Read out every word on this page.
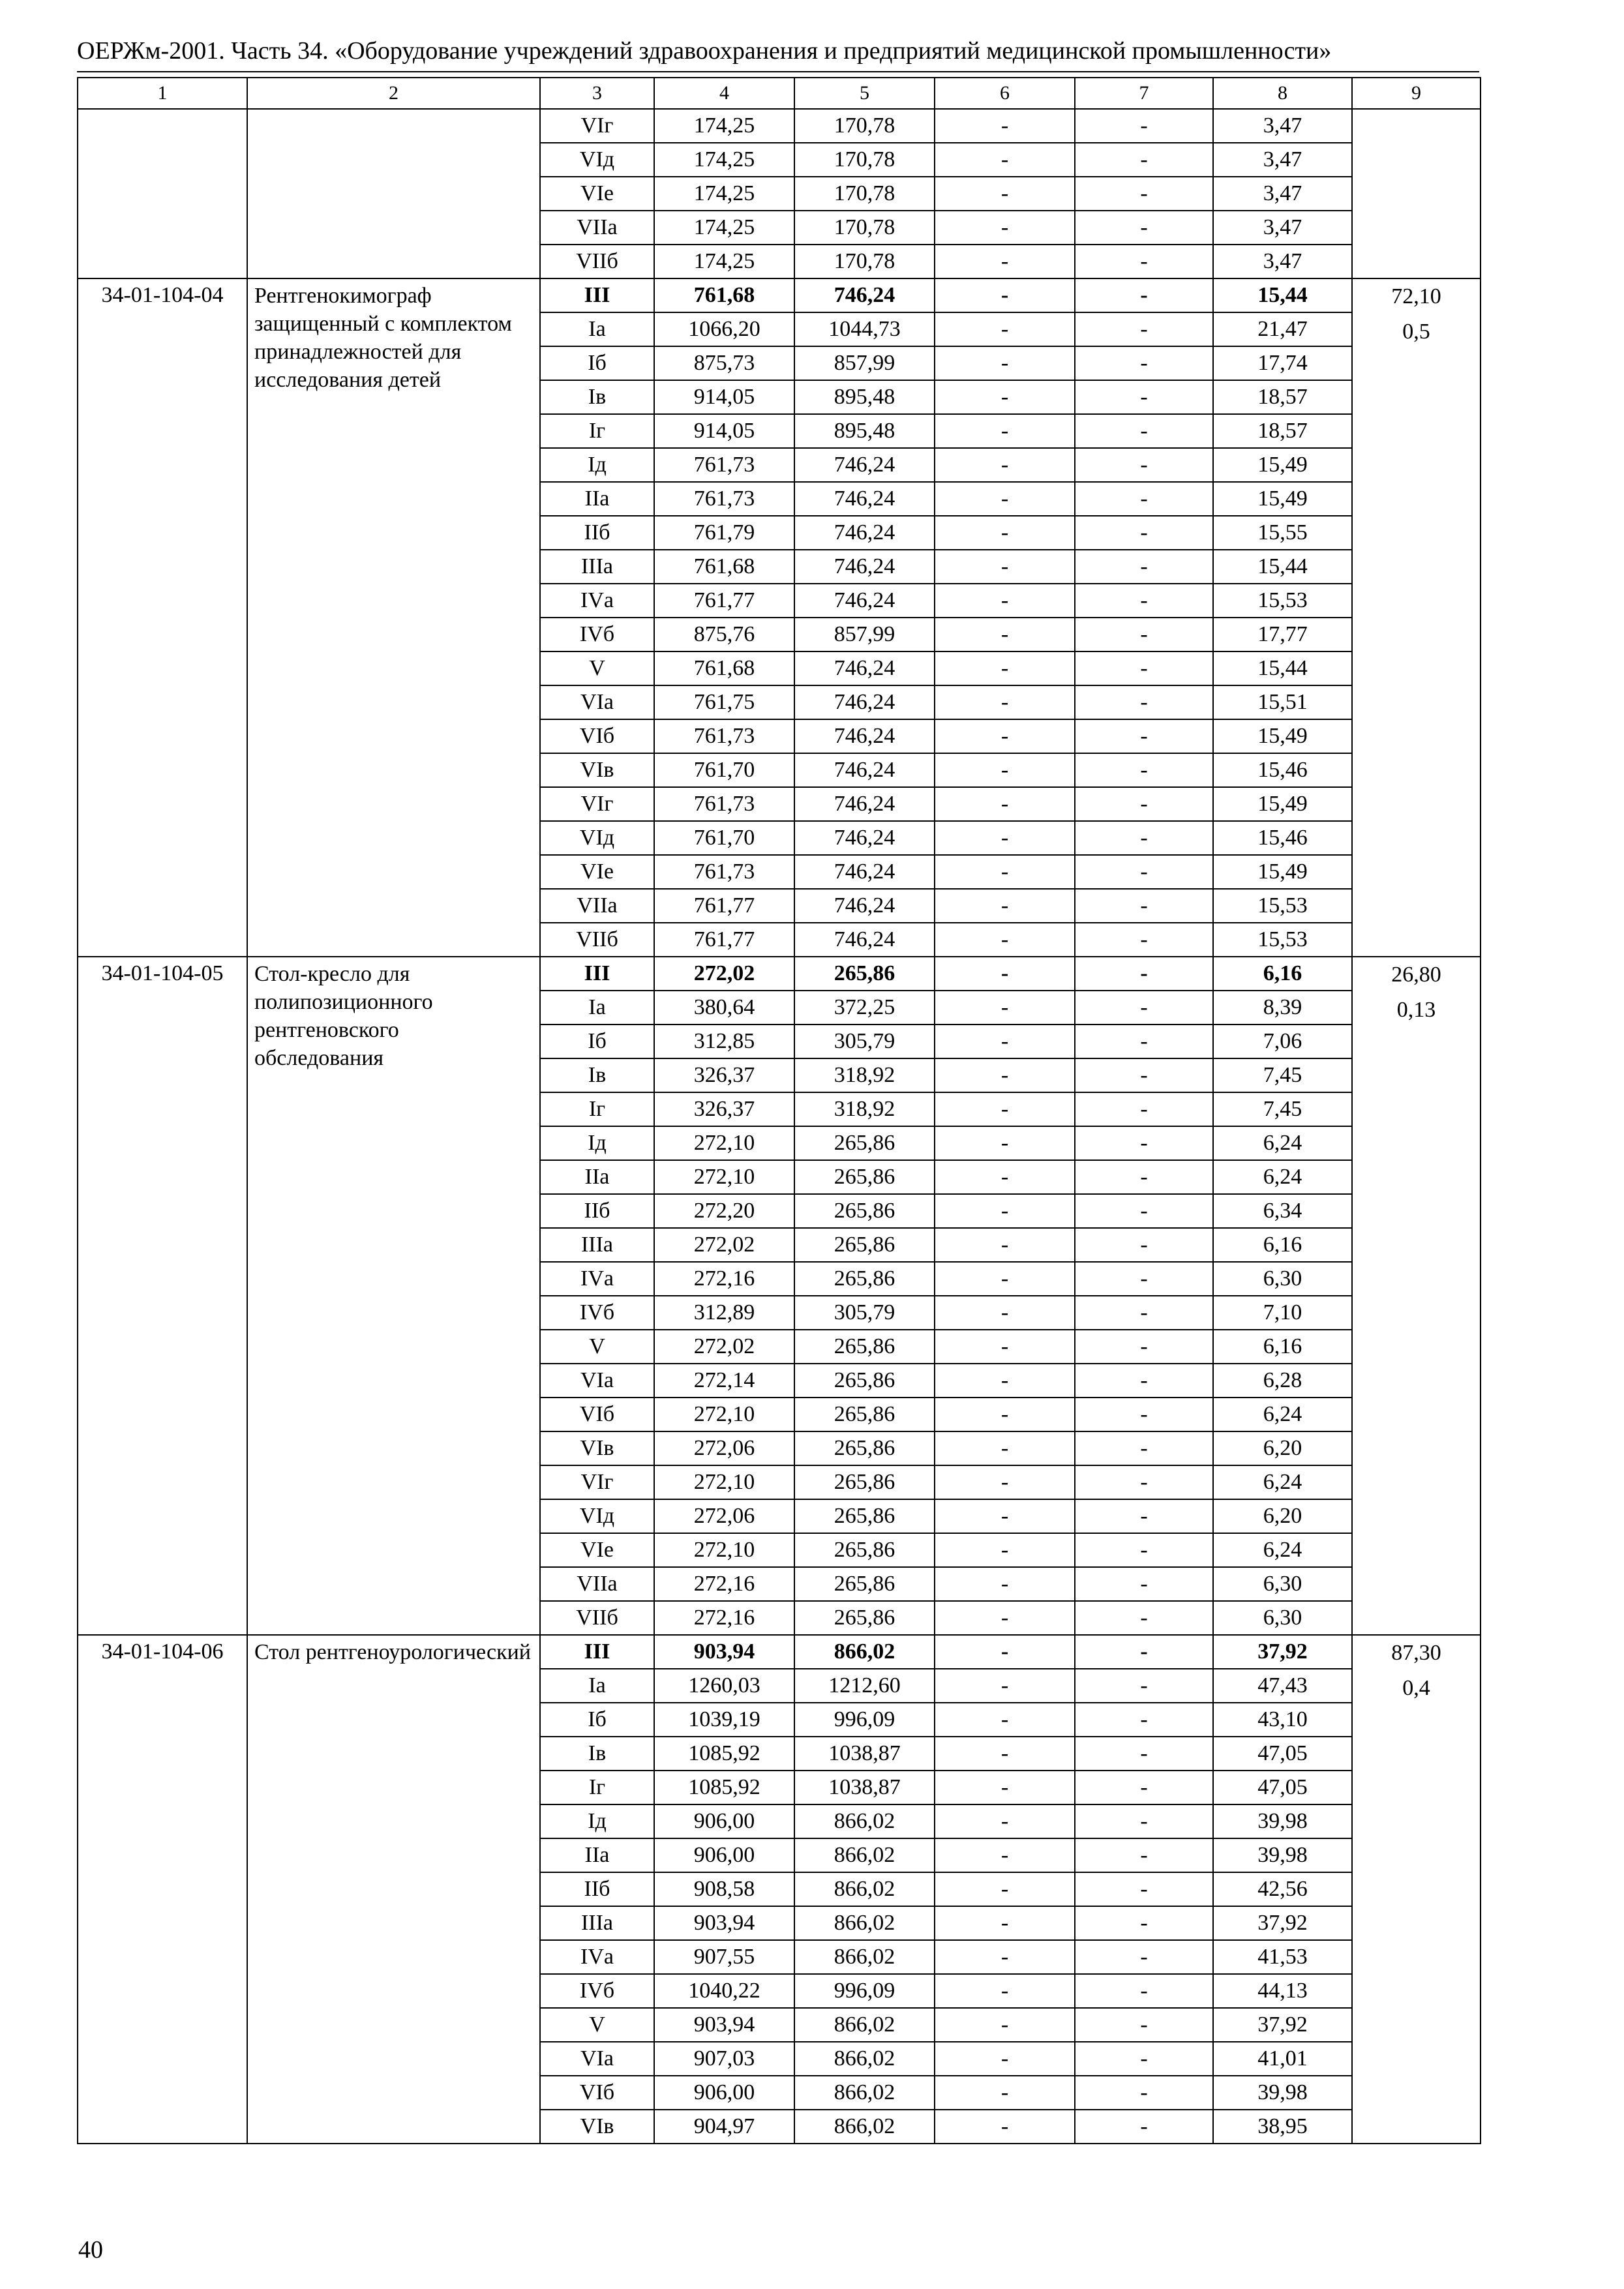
ОЕРЖм-2001. Часть 34. «Оборудование учреждений здравоохранения и предприятий медицинской промышленности»
1	2	3	4	5	6	7	8	9
		VIг	174,25	170,78	-	-	3,47	
		VIд	174,25	170,78	-	-	3,47	
		VIе	174,25	170,78	-	-	3,47	
		VIIа	174,25	170,78	-	-	3,47	
		VIIб	174,25	170,78	-	-	3,47	
34-01-104-04	Рентгенокимограф защищенный с комплектом принадлежностей для исследования детей	III	761,68	746,24	-	-	15,44	72,10
0,5

		Iа	1066,20	1044,73	-	-	21,47	
		Iб	875,73	857,99	-	-	17,74	
		Iв	914,05	895,48	-	-	18,57	
		Iг	914,05	895,48	-	-	18,57	
		Iд	761,73	746,24	-	-	15,49	
		IIа	761,73	746,24	-	-	15,49	
		IIб	761,79	746,24	-	-	15,55	
		IIIа	761,68	746,24	-	-	15,44	
		IVа	761,77	746,24	-	-	15,53	
		IVб	875,76	857,99	-	-	17,77	
		V	761,68	746,24	-	-	15,44	
		VIа	761,75	746,24	-	-	15,51	
		VIб	761,73	746,24	-	-	15,49	
		VIв	761,70	746,24	-	-	15,46	
		VIг	761,73	746,24	-	-	15,49	
		VIд	761,70	746,24	-	-	15,46	
		VIе	761,73	746,24	-	-	15,49	
		VIIа	761,77	746,24	-	-	15,53	
		VIIб	761,77	746,24	-	-	15,53	
34-01-104-05	Стол-кресло для полипозиционного рентгеновского обследования	III	272,02	265,86	-	-	6,16	26,80
0,13

		Iа	380,64	372,25	-	-	8,39	
		Iб	312,85	305,79	-	-	7,06	
		Iв	326,37	318,92	-	-	7,45	
		Iг	326,37	318,92	-	-	7,45	
		Iд	272,10	265,86	-	-	6,24	
		IIа	272,10	265,86	-	-	6,24	
		IIб	272,20	265,86	-	-	6,34	
		IIIа	272,02	265,86	-	-	6,16	
		IVа	272,16	265,86	-	-	6,30	
		IVб	312,89	305,79	-	-	7,10	
		V	272,02	265,86	-	-	6,16	
		VIа	272,14	265,86	-	-	6,28	
		VIб	272,10	265,86	-	-	6,24	
		VIв	272,06	265,86	-	-	6,20	
		VIг	272,10	265,86	-	-	6,24	
		VIд	272,06	265,86	-	-	6,20	
		VIе	272,10	265,86	-	-	6,24	
		VIIа	272,16	265,86	-	-	6,30	
		VIIб	272,16	265,86	-	-	6,30	
34-01-104-06	Стол рентгеноурологический	III	903,94	866,02	-	-	37,92	87,30
0,4

		Iа	1260,03	1212,60	-	-	47,43	
		Iб	1039,19	996,09	-	-	43,10	
		Iв	1085,92	1038,87	-	-	47,05	
		Iг	1085,92	1038,87	-	-	47,05	
		Iд	906,00	866,02	-	-	39,98	
		IIа	906,00	866,02	-	-	39,98	
		IIб	908,58	866,02	-	-	42,56	
		IIIа	903,94	866,02	-	-	37,92	
		IVа	907,55	866,02	-	-	41,53	
		IVб	1040,22	996,09	-	-	44,13	
		V	903,94	866,02	-	-	37,92	
		VIа	907,03	866,02	-	-	41,01	
		VIб	906,00	866,02	-	-	39,98	
		VIв	904,97	866,02	-	-	38,95	
40
